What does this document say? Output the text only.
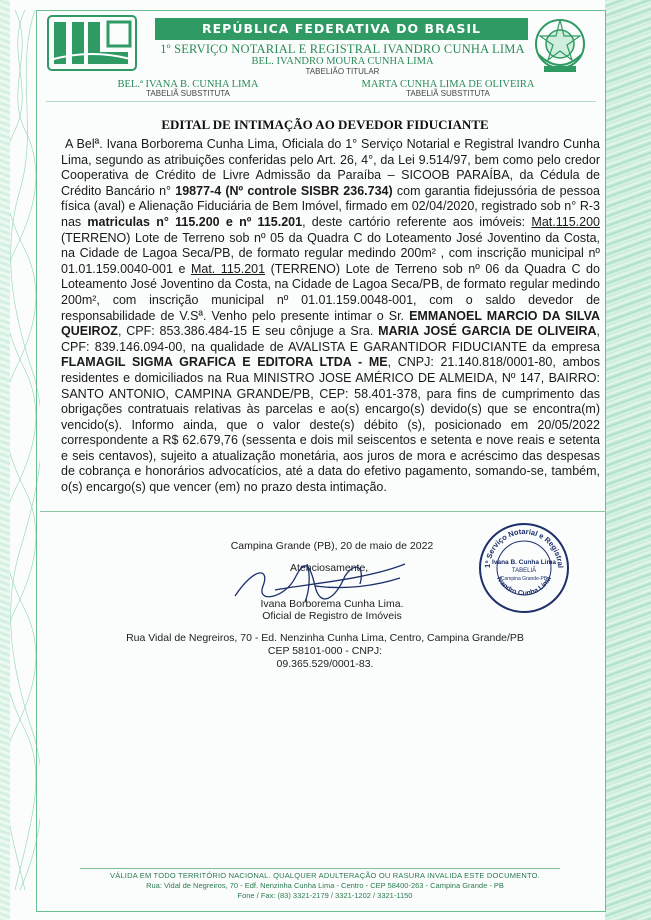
REPÚBLICA FEDERATIVA DO BRASIL
1º SERVIÇO NOTARIAL E REGISTRAL IVANDRO CUNHA LIMA
BEL. IVANDRO MOURA CUNHA LIMA
TABELIÃO TITULAR
BEL.ª IVANA B. CUNHA LIMA
TABELIÃ SUBSTITUTA
MARTA CUNHA LIMA DE OLIVEIRA
TABELIÃ SUBSTITUTA
EDITAL DE INTIMAÇÃO AO DEVEDOR FIDUCIANTE
A Belª. Ivana Borborema Cunha Lima, Oficiala do 1° Serviço Notarial e Registral Ivandro Cunha Lima, segundo as atribuições conferidas pelo Art. 26, 4°, da Lei 9.514/97, bem como pelo credor Cooperativa de Crédito de Livre Admissão da Paraíba – SICOOB PARAÍBA, da Cédula de Crédito Bancário n° 19877-4 (Nº controle SISBR 236.734) com garantia fidejussória de pessoa física (aval) e Alienação Fiduciária de Bem Imóvel, firmado em 02/04/2020, registrado sob n° R-3 nas matriculas n° 115.200 e nº 115.201, deste cartório referente aos imóveis: Mat.115.200 (TERRENO) Lote de Terreno sob nº 05 da Quadra C do Loteamento José Joventino da Costa, na Cidade de Lagoa Seca/PB, de formato regular medindo 200m² , com inscrição municipal nº 01.01.159.0040-001 e Mat. 115.201 (TERRENO) Lote de Terreno sob nº 06 da Quadra C do Loteamento José Joventino da Costa, na Cidade de Lagoa Seca/PB, de formato regular medindo 200m², com inscrição municipal nº 01.01.159.0048-001, com o saldo devedor de responsabilidade de V.Sª. Venho pelo presente intimar o Sr. EMMANOEL MARCIO DA SILVA QUEIROZ, CPF: 853.386.484-15 E seu cônjuge a Sra. MARIA JOSÉ GARCIA DE OLIVEIRA, CPF: 839.146.094-00, na qualidade de AVALISTA E GARANTIDOR FIDUCIANTE da empresa FLAMAGIL SIGMA GRAFICA E EDITORA LTDA - ME, CNPJ: 21.140.818/0001-80, ambos residentes e domiciliados na Rua MINISTRO JOSE AMÉRICO DE ALMEIDA, Nº 147, BAIRRO: SANTO ANTONIO, CAMPINA GRANDE/PB, CEP: 58.401-378, para fins de cumprimento das obrigações contratuais relativas às parcelas e ao(s) encargo(s) devido(s) que se encontra(m) vencido(s). Informo ainda, que o valor deste(s) débito (s), posicionado em 20/05/2022 correspondente a R$ 62.679,76 (sessenta e dois mil seiscentos e setenta e nove reais e setenta e seis centavos), sujeito a atualização monetária, aos juros de mora e acréscimo das despesas de cobrança e honorários advocatícios, até a data do efetivo pagamento, somando-se, também, o(s) encargo(s) que vencer (em) no prazo desta intimação.
Campina Grande (PB), 20 de maio de 2022
Atenciosamente,
Ivana Borborema Cunha Lima.
Oficial de Registro de Imóveis
1º Serviço Notarial e Registral
Ivana B. Cunha Lima
TABELIÃ
Campina Grande-PB
Ivandro Cunha Lima
Rua Vidal de Negreiros, 70 - Ed. Nenzinha Cunha Lima, Centro, Campina Grande/PB
CEP 58101-000 - CNPJ:
09.365.529/0001-83.
VÁLIDA EM TODO TERRITÓRIO NACIONAL. QUALQUER ADULTERAÇÃO OU RASURA INVALIDA ESTE DOCUMENTO.
Rua: Vidal de Negreiros, 70 - Edf. Nenzinha Cunha Lima - Centro - CEP 58400-263 - Campina Grande - PB
Fone / Fax: (83) 3321-2179 / 3321-1202 / 3321-1150
